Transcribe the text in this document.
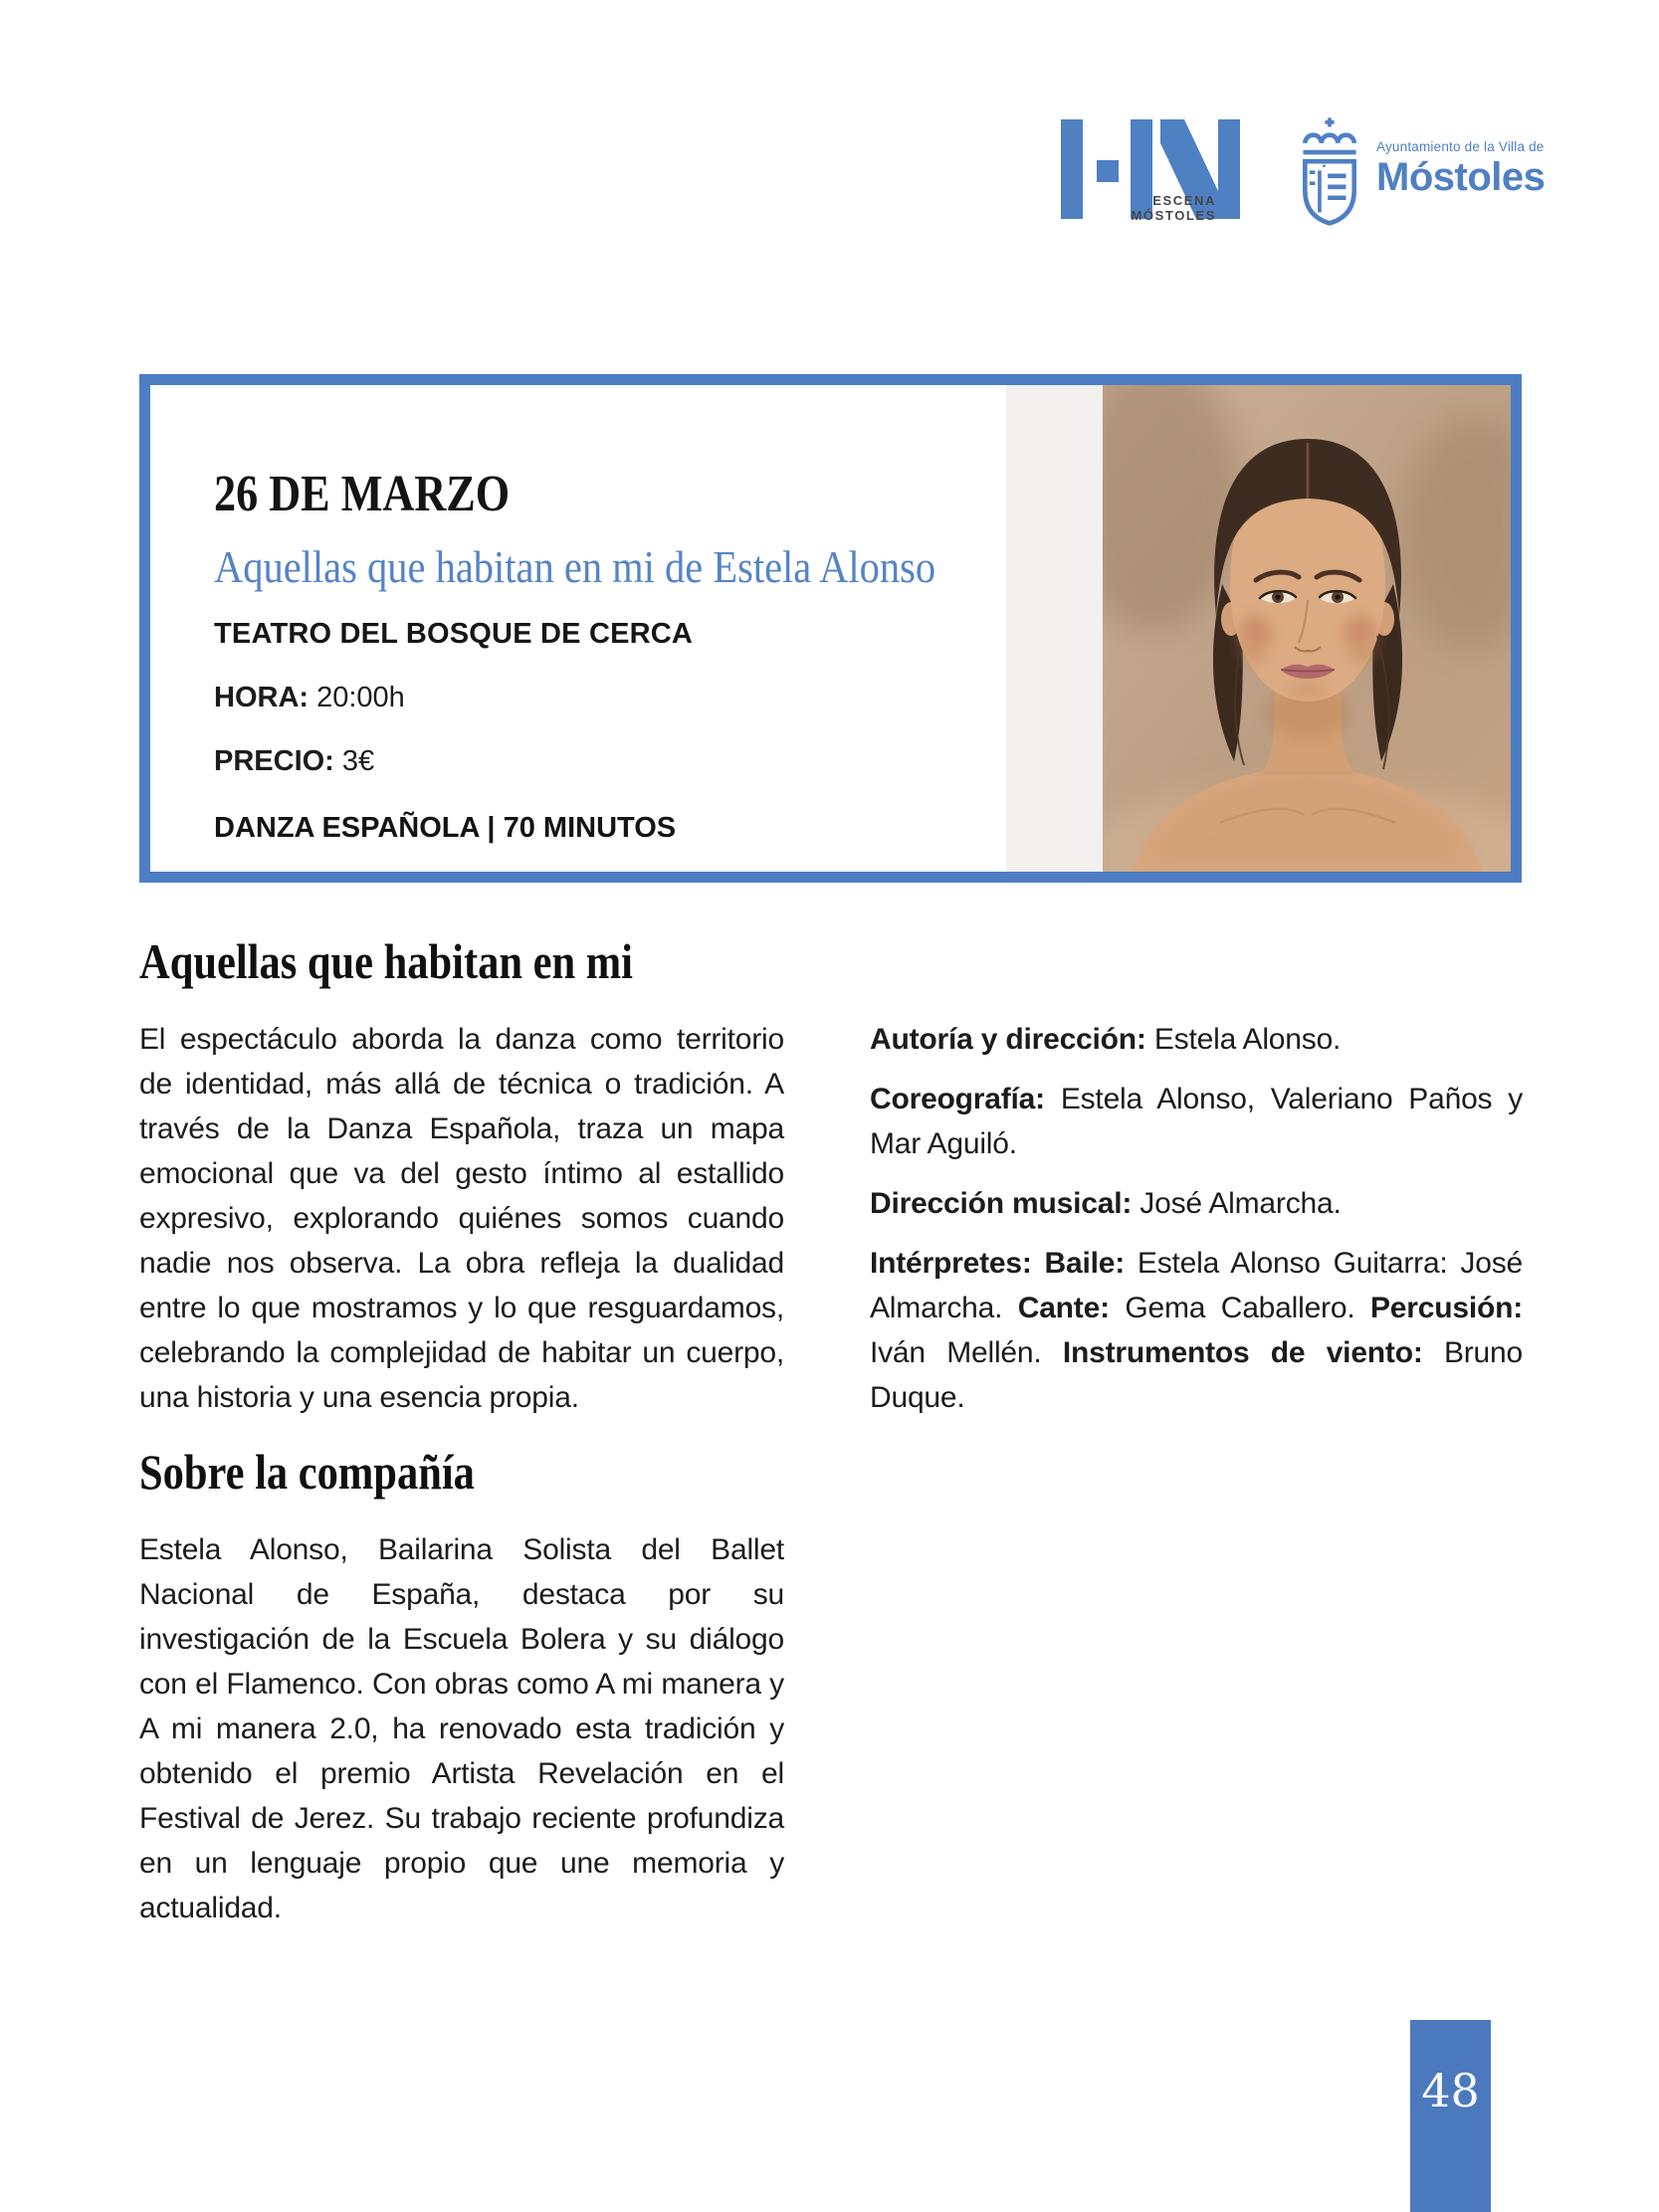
ESCENA
MÓSTOLES
Ayuntamiento de la Villa de
Móstoles
26 DE MARZO
Aquellas que habitan en mi de Estela Alonso
TEATRO DEL BOSQUE DE CERCA
HORA: 20:00h
PRECIO: 3€
DANZA ESPAÑOLA | 70 MINUTOS
Aquellas que habitan en mi

El espectáculo aborda la danza como territorio de identidad, más allá de técnica o tradición. A través de la Danza Española, traza un mapa emocional que va del gesto íntimo al estallido expresivo, explorando quiénes somos cuando nadie nos observa. La obra refleja la dualidad entre lo que mostramos y lo que resguardamos, celebrando la complejidad de habitar un cuerpo, una historia y una esencia propia.

Sobre la compañía

Estela Alonso, Bailarina Solista del Ballet Nacional de España, destaca por su investigación de la Escuela Bolera y su diálogo con el Flamenco. Con obras como A mi manera y A mi manera 2.0, ha renovado esta tradición y obtenido el premio Artista Revelación en el Festival de Jerez. Su trabajo reciente profundiza en un lenguaje propio que une memoria y actualidad.

Autoría y dirección: Estela Alonso.

Coreografía: Estela Alonso, Valeriano Paños y Mar Aguiló.

Dirección musical: José Almarcha.

Intérpretes: Baile: Estela Alonso Guitarra: José Almarcha. Cante: Gema Caballero. Percusión: Iván Mellén. Instrumentos de viento: Bruno Duque.

48
